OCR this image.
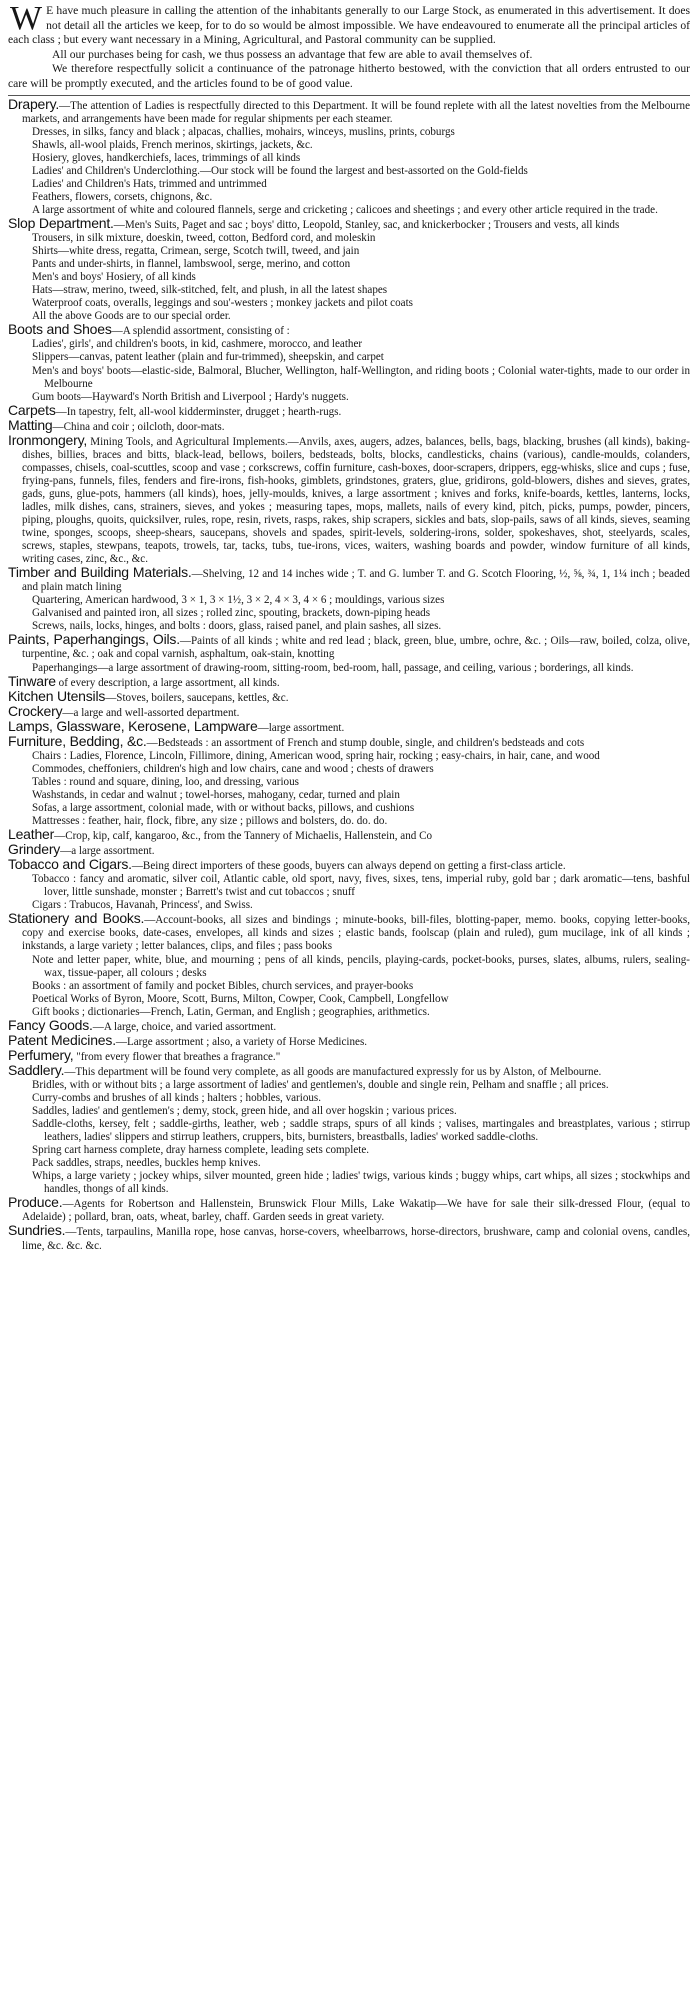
W E have much pleasure in calling the attention of the inhabitants generally to our Large Stock, as enumerated in this advertisement. It does not detail all the articles we keep, for to do so would be almost impossible. We have endeavoured to enumerate all the principal articles of each class ; but every want necessary in a Mining, Agricultural, and Pastoral community can be supplied.

All our purchases being for cash, we thus possess an advantage that few are able to avail themselves of.

We therefore respectfully solicit a continuance of the patronage hitherto bestowed, with the conviction that all orders entrusted to our care will be promptly executed, and the articles found to be of good value.

Drapery.—The attention of Ladies is respectfully directed to this Department. It will be found replete with all the latest novelties from the Melbourne markets, and arrangements have been made for regular shipments per each steamer.

Dresses, in silks, fancy and black ; alpacas, challies, mohairs, winceys, muslins, prints, coburgs

Shawls, all-wool plaids, French merinos, skirtings, jackets, &c.

Hosiery, gloves, handkerchiefs, laces, trimmings of all kinds

Ladies' and Children's Underclothing.—Our stock will be found the largest and best-assorted on the Gold-fields

Ladies' and Children's Hats, trimmed and untrimmed

Feathers, flowers, corsets, chignons, &c.

A large assortment of white and coloured flannels, serge and cricketing ; calicoes and sheetings ; and every other article required in the trade.

Slop Department.—Men's Suits, Paget and sac ; boys' ditto, Leopold, Stanley, sac, and knickerbocker ; Trousers and vests, all kinds

Trousers, in silk mixture, doeskin, tweed, cotton, Bedford cord, and moleskin

Shirts—white dress, regatta, Crimean, serge, Scotch twill, tweed, and jain

Pants and under-shirts, in flannel, lambswool, serge, merino, and cotton

Men's and boys' Hosiery, of all kinds

Hats—straw, merino, tweed, silk-stitched, felt, and plush, in all the latest shapes

Waterproof coats, overalls, leggings and sou'-westers ; monkey jackets and pilot coats

All the above Goods are to our special order.

Boots and Shoes—A splendid assortment, consisting of :

Ladies', girls', and children's boots, in kid, cashmere, morocco, and leather

Slippers—canvas, patent leather (plain and fur-trimmed), sheepskin, and carpet

Men's and boys' boots—elastic-side, Balmoral, Blucher, Wellington, half-Wellington, and riding boots ; Colonial water-tights, made to our order in Melbourne

Gum boots—Hayward's North British and Liverpool ; Hardy's nuggets.

Carpets—In tapestry, felt, all-wool kidderminster, drugget ; hearth-rugs.

Matting—China and coir ; oilcloth, door-mats.

Ironmongery, Mining Tools, and Agricultural Implements.—Anvils, axes, augers, adzes, balances, bells, bags, blacking, brushes (all kinds), baking-dishes, billies, braces and bitts, black-lead, bellows, boilers, bedsteads, bolts, blocks, candlesticks, chains (various), candle-moulds, colanders, compasses, chisels, coal-scuttles, scoop and vase ; corkscrews, coffin furniture, cash-boxes, door-scrapers, drippers, egg-whisks, slice and cups ; fuse, frying-pans, funnels, files, fenders and fire-irons, fish-hooks, gimblets, grindstones, graters, glue, gridirons, gold-blowers, dishes and sieves, grates, gads, guns, glue-pots, hammers (all kinds), hoes, jelly-moulds, knives, a large assortment ; knives and forks, knife-boards, kettles, lanterns, locks, ladles, milk dishes, cans, strainers, sieves, and yokes ; measuring tapes, mops, mallets, nails of every kind, pitch, picks, pumps, powder, pincers, piping, ploughs, quoits, quicksilver, rules, rope, resin, rivets, rasps, rakes, ship scrapers, sickles and bats, slop-pails, saws of all kinds, sieves, seaming twine, sponges, scoops, sheep-shears, saucepans, shovels and spades, spirit-levels, soldering-irons, solder, spokeshaves, shot, steelyards, scales, screws, staples, stewpans, teapots, trowels, tar, tacks, tubs, tue-irons, vices, waiters, washing boards and powder, window furniture of all kinds, writing cases, zinc, &c., &c.

Timber and Building Materials.—Shelving, 12 and 14 inches wide ; T. and G. lumber T. and G. Scotch Flooring, ½, ⅝, ¾, 1, 1¼ inch ; beaded and plain match lining

Quartering, American hardwood, 3 × 1, 3 × 1½, 3 × 2, 4 × 3, 4 × 6 ; mouldings, various sizes

Galvanised and painted iron, all sizes ; rolled zinc, spouting, brackets, down-piping heads

Screws, nails, locks, hinges, and bolts : doors, glass, raised panel, and plain sashes, all sizes.

Paints, Paperhangings, Oils.—Paints of all kinds ; white and red lead ; black, green, blue, umbre, ochre, &c. ; Oils—raw, boiled, colza, olive, turpentine, &c. ; oak and copal varnish, asphaltum, oak-stain, knotting

Paperhangings—a large assortment of drawing-room, sitting-room, bed-room, hall, passage, and ceiling, various ; borderings, all kinds.

Tinware of every description, a large assortment, all kinds.

Kitchen Utensils—Stoves, boilers, saucepans, kettles, &c.

Crockery—a large and well-assorted department.

Lamps, Glassware, Kerosene, Lampware—large assortment.

Furniture, Bedding, &c.—Bedsteads : an assortment of French and stump double, single, and children's bedsteads and cots

Chairs : Ladies, Florence, Lincoln, Fillimore, dining, American wood, spring hair, rocking ; easy-chairs, in hair, cane, and wood

Commodes, cheffoniers, children's high and low chairs, cane and wood ; chests of drawers

Tables : round and square, dining, loo, and dressing, various

Washstands, in cedar and walnut ; towel-horses, mahogany, cedar, turned and plain

Sofas, a large assortment, colonial made, with or without backs, pillows, and cushions

Mattresses : feather, hair, flock, fibre, any size ; pillows and bolsters, do. do. do.

Leather—Crop, kip, calf, kangaroo, &c., from the Tannery of Michaelis, Hallenstein, and Co

Grindery—a large assortment.

Tobacco and Cigars.—Being direct importers of these goods, buyers can always depend on getting a first-class article.

Tobacco : fancy and aromatic, silver coil, Atlantic cable, old sport, navy, fives, sixes, tens, imperial ruby, gold bar ; dark aromatic—tens, bashful lover, little sunshade, monster ; Barrett's twist and cut tobaccos ; snuff

Cigars : Trabucos, Havanah, Princess', and Swiss.

Stationery and Books.—Account-books, all sizes and bindings ; minute-books, bill-files, blotting-paper, memo. books, copying letter-books, copy and exercise books, date-cases, envelopes, all kinds and sizes ; elastic bands, foolscap (plain and ruled), gum mucilage, ink of all kinds ; inkstands, a large variety ; letter balances, clips, and files ; pass books

Note and letter paper, white, blue, and mourning ; pens of all kinds, pencils, playing-cards, pocket-books, purses, slates, albums, rulers, sealing-wax, tissue-paper, all colours ; desks

Books : an assortment of family and pocket Bibles, church services, and prayer-books

Poetical Works of Byron, Moore, Scott, Burns, Milton, Cowper, Cook, Campbell, Longfellow

Gift books ; dictionaries—French, Latin, German, and English ; geographies, arithmetics.

Fancy Goods.—A large, choice, and varied assortment.

Patent Medicines.—Large assortment ; also, a variety of Horse Medicines.

Perfumery, "from every flower that breathes a fragrance."

Saddlery.—This department will be found very complete, as all goods are manufactured expressly for us by Alston, of Melbourne.

Bridles, with or without bits ; a large assortment of ladies' and gentlemen's, double and single rein, Pelham and snaffle ; all prices.

Curry-combs and brushes of all kinds ; halters ; hobbles, various.

Saddles, ladies' and gentlemen's ; demy, stock, green hide, and all over hogskin ; various prices.

Saddle-cloths, kersey, felt ; saddle-girths, leather, web ; saddle straps, spurs of all kinds ; valises, martingales and breastplates, various ; stirrup leathers, ladies' slippers and stirrup leathers, cruppers, bits, burnisters, breastballs, ladies' worked saddle-cloths.

Spring cart harness complete, dray harness complete, leading sets complete.

Pack saddles, straps, needles, buckles hemp knives.

Whips, a large variety ; jockey whips, silver mounted, green hide ; ladies' twigs, various kinds ; buggy whips, cart whips, all sizes ; stockwhips and handles, thongs of all kinds.

Produce.—Agents for Robertson and Hallenstein, Brunswick Flour Mills, Lake Wakatip—We have for sale their silk-dressed Flour, (equal to Adelaide) ; pollard, bran, oats, wheat, barley, chaff. Garden seeds in great variety.

Sundries.—Tents, tarpaulins, Manilla rope, hose canvas, horse-covers, wheelbarrows, horse-directors, brushware, camp and colonial ovens, candles, lime, &c. &c. &c.
